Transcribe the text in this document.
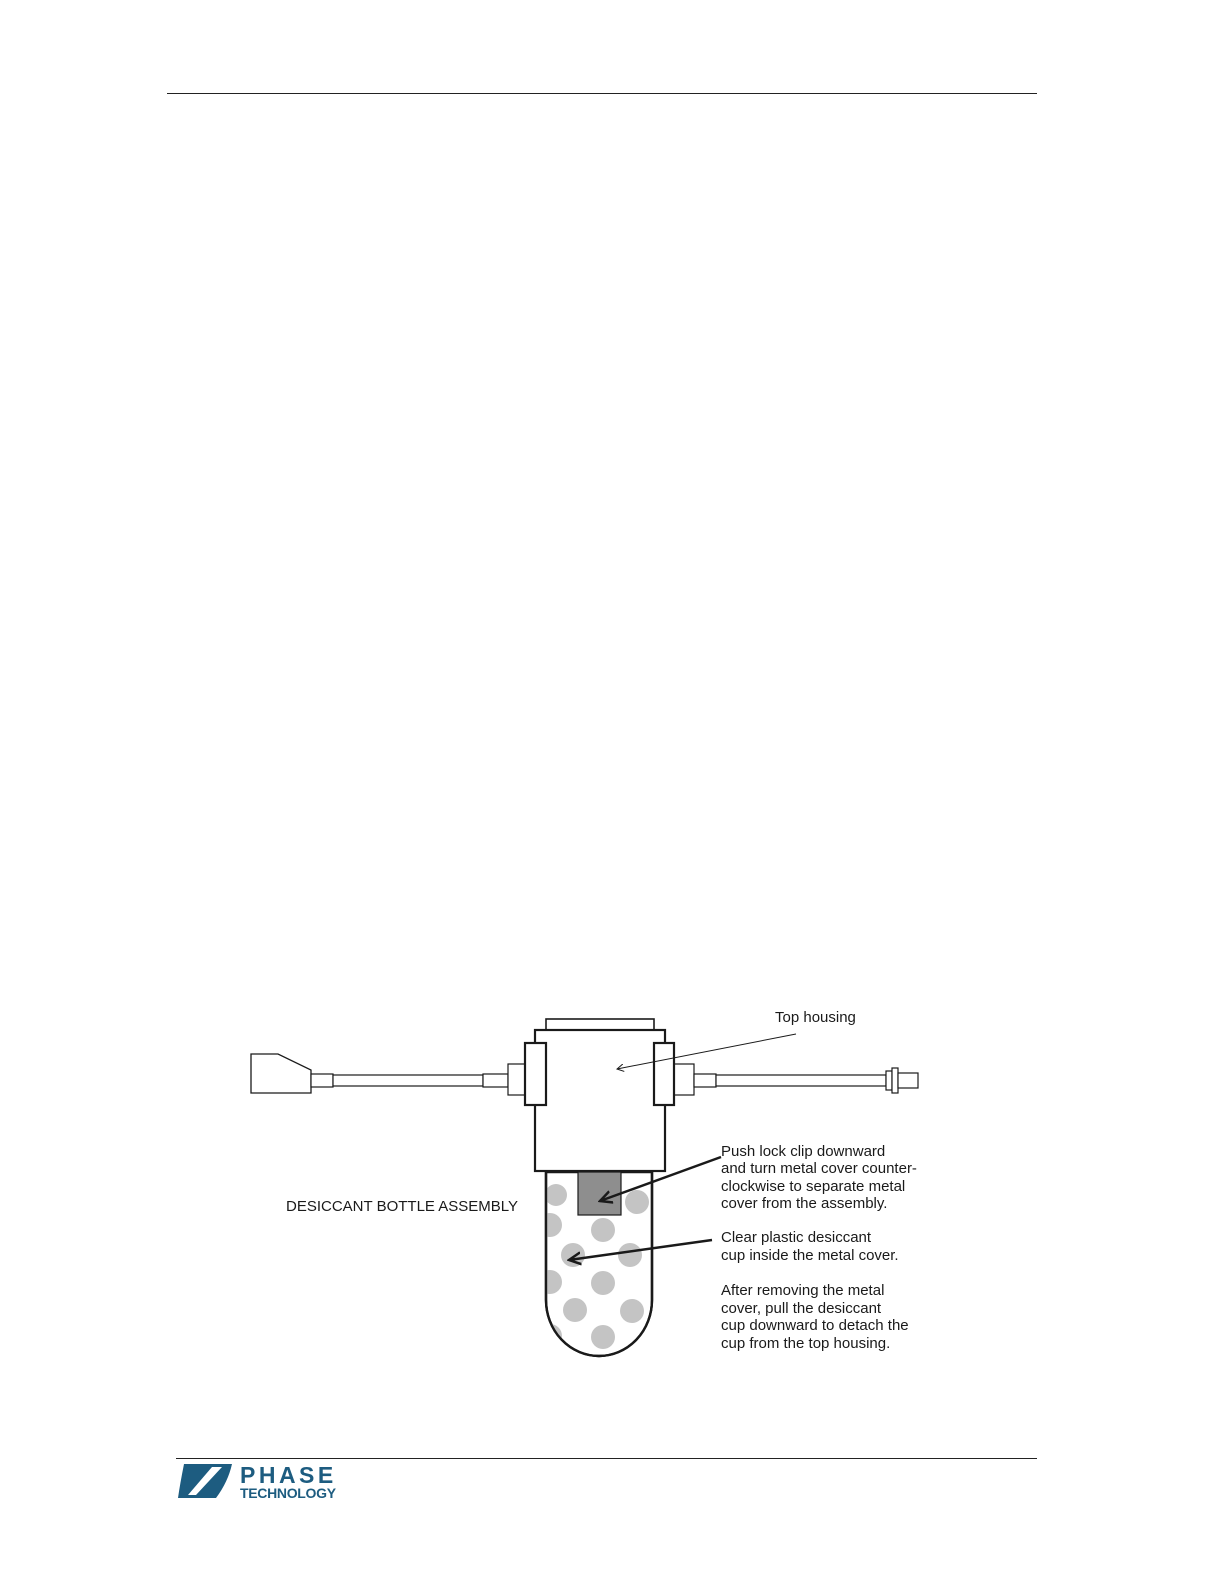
Top housing
DESICCANT BOTTLE ASSEMBLY
Push lock clip downward
and turn metal cover counter-
clockwise to separate metal
cover from the assembly.
Clear plastic desiccant
cup inside the metal cover.
After removing the metal
cover, pull the desiccant
cup downward to detach the
cup from the top housing.
PHASE
TECHNOLOGY
